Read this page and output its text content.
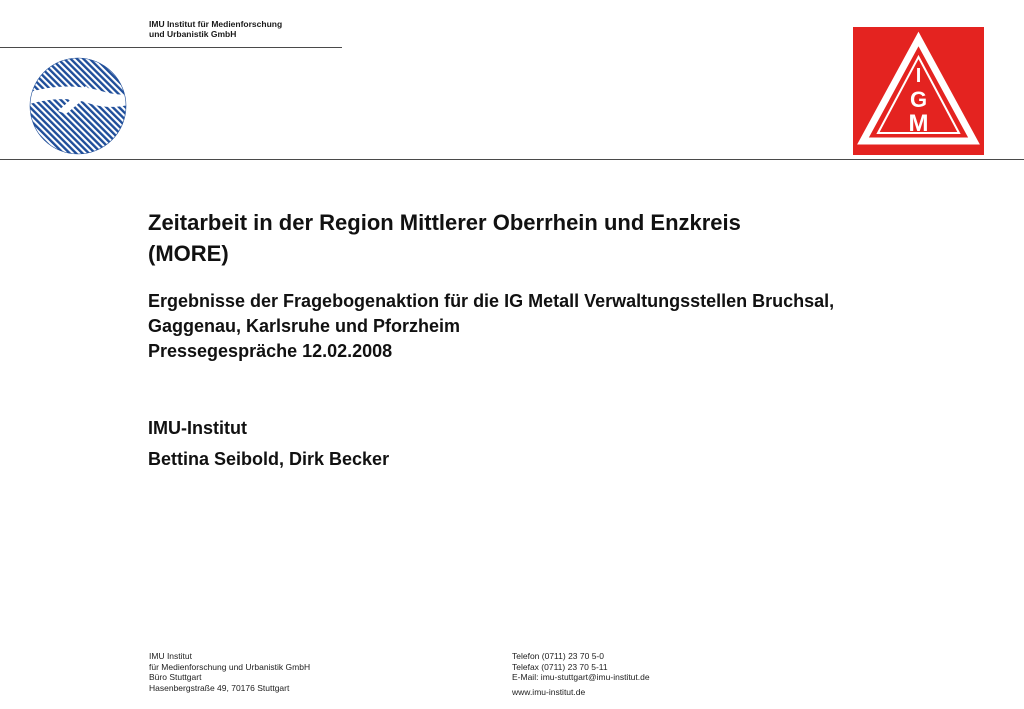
IMU Institut für Medienforschung
und Urbanistik GmbH
I
G
M
Zeitarbeit in der Region Mittlerer Oberrhein und Enzkreis
(MORE)
Ergebnisse der Fragebogenaktion für die IG Metall Verwaltungsstellen Bruchsal,
Gaggenau, Karlsruhe und Pforzheim
Pressegespräche 12.02.2008
IMU-Institut
Bettina Seibold, Dirk Becker
IMU Institut
für Medienforschung und Urbanistik GmbH
Büro Stuttgart
Hasenbergstraße 49, 70176 Stuttgart
Telefon (0711) 23 70 5-0
Telefax (0711) 23 70 5-11
E-Mail: imu-stuttgart@imu-institut.de
www.imu-institut.de
